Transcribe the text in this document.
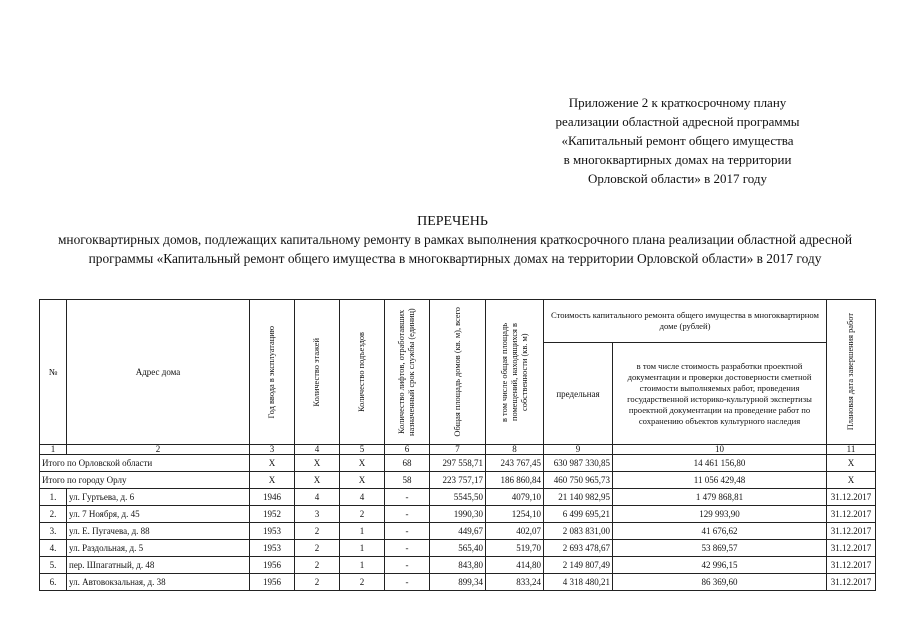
Приложение 2 к краткосрочному плану
реализации областной адресной программы
«Капитальный ремонт общего имущества
в многоквартирных домах на территории
Орловской области» в 2017 году
ПЕРЕЧЕНЬ
многоквартирных домов, подлежащих капитальному ремонту в рамках выполнения краткосрочного плана реализации областной адресной программы «Капитальный ремонт общего имущества в многоквартирных домах на территории Орловской области» в 2017 году
№	Адрес дома	Год ввода в эксплуатацию	Количество этажей	Количество подъездов	Количество лифтов, отработавших назначенный срок службы (единиц)	Общая площадь домов (кв. м), всего	в том числе общая площадь помещений, находящихся в собственности (кв. м)	Стоимость капитального ремонта общего имущества в многоквартирном доме (рублей)		Плановая дата завершения работ

								предельная	в том числе стоимость разработки проектной документации и проверки достоверности сметной стоимости выполняемых работ, проведения государственной историко-культурной экспертизы проектной документации на проведение работ по сохранению объектов культурного наследия	
1	2	3	4	5	6	7	8	9	10	11
Итого по Орловской области		X	X	X	68	297 558,71	243 767,45	630 987 330,85	14 461 156,80	X
Итого по городу Орлу		X	X	X	58	223 757,17	186 860,84	460 750 965,73	11 056 429,48	X
1.	ул. Гуртьева, д. 6	1946	4	4	-	5545,50	4079,10	21 140 982,95	1 479 868,81	31.12.2017
2.	ул. 7 Ноября, д. 45	1952	3	2	-	1990,30	1254,10	6 499 695,21	129 993,90	31.12.2017
3.	ул. Е. Пугачева, д. 88	1953	2	1	-	449,67	402,07	2 083 831,00	41 676,62	31.12.2017
4.	ул. Раздольная, д. 5	1953	2	1	-	565,40	519,70	2 693 478,67	53 869,57	31.12.2017
5.	пер. Шпагатный, д. 48	1956	2	1	-	843,80	414,80	2 149 807,49	42 996,15	31.12.2017
6.	ул. Автовокзальная, д. 38	1956	2	2	-	899,34	833,24	4 318 480,21	86 369,60	31.12.2017
